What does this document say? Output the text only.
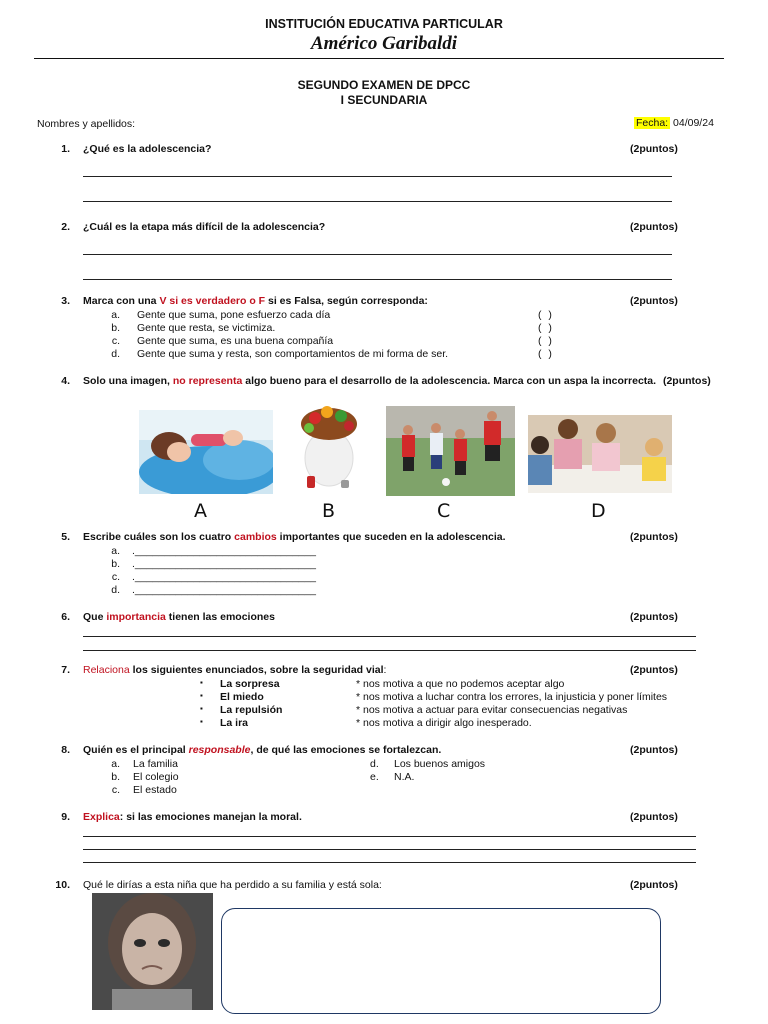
INSTITUCIÓN EDUCATIVA PARTICULAR
Américo Garibaldi
SEGUNDO EXAMEN DE DPCC
I SECUNDARIA
Nombres y apellidos:	Fecha: 04/09/24
1. ¿Qué es la adolescencia?	(2puntos)
2. ¿Cuál es la etapa más difícil de la adolescencia?	(2puntos)
3. Marca con una V si es verdadero o F si es Falsa, según corresponda:	(2puntos)
a. Gente que suma, pone esfuerzo cada día	( )
b. Gente que resta, se victimiza.	( )
c. Gente que suma, es una buena compañía	( )
d. Gente que suma y resta, son comportamientos de mi forma de ser.	( )
4. Solo una imagen, no representa algo bueno para el desarrollo de la adolescencia. Marca con un aspa la incorrecta. (2puntos)
A	B	C	D
5. Escribe cuáles son los cuatro cambios importantes que suceden en la adolescencia.	(2puntos)
a. ._______________________________
b. ._______________________________
c. ._______________________________
d. ._______________________________
6. Que importancia tienen las emociones	(2puntos)
7. Relaciona los siguientes enunciados, sobre la seguridad vial:	(2puntos)
▪ La sorpresa	* nos motiva a que no podemos aceptar algo
▪ El miedo	* nos motiva a luchar contra los errores, la injusticia y poner límites
▪ La repulsión	* nos motiva a actuar para evitar consecuencias negativas
▪ La ira	* nos motiva a dirigir algo inesperado.
8. Quién es el principal responsable, de qué las emociones se fortalezcan.	(2puntos)
a. La familia	d. Los buenos amigos
b. El colegio	e. N.A.
c. El estado
9. Explica: si las emociones manejan la moral.	(2puntos)
10. Qué le dirías a esta niña que ha perdido a su familia y está sola:	(2puntos)
